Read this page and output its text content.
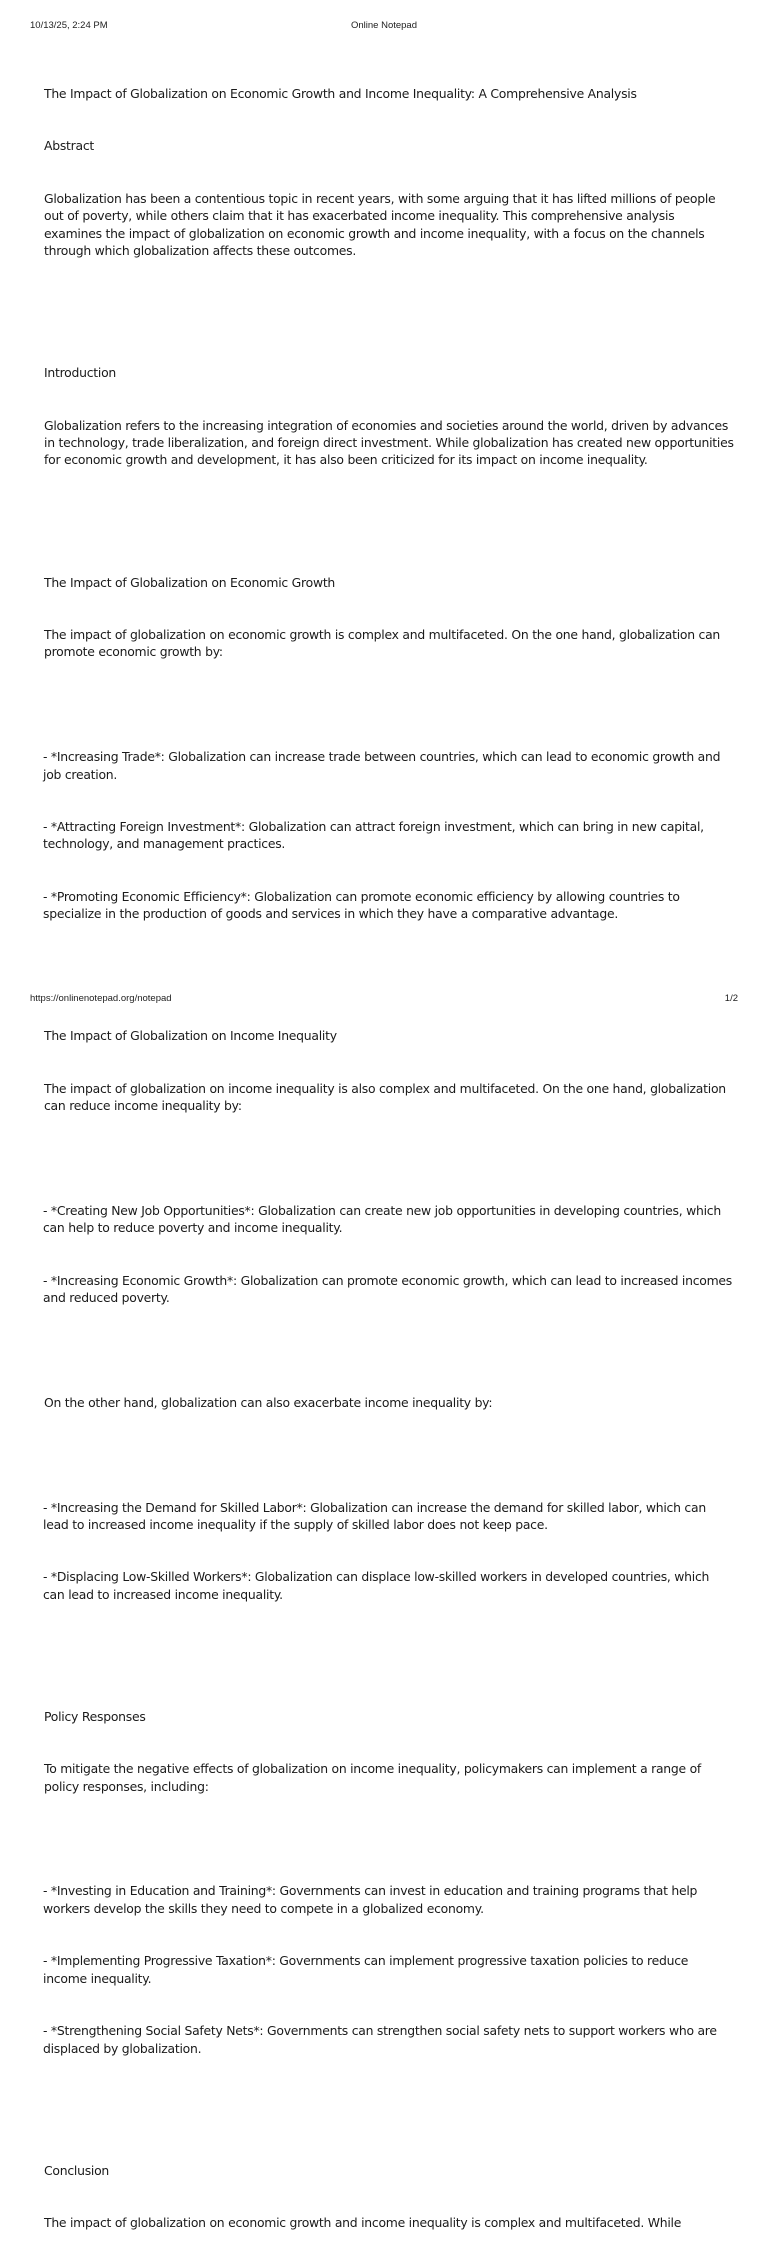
10/13/25, 2:24 PM	Online Notepad

The Impact of Globalization on Economic Growth and Income Inequality: A Comprehensive Analysis

Abstract

Globalization has been a contentious topic in recent years, with some arguing that it has lifted millions of people out of poverty, while others claim that it has exacerbated income inequality. This comprehensive analysis examines the impact of globalization on economic growth and income inequality, with a focus on the channels through which globalization affects these outcomes.

Introduction

Globalization refers to the increasing integration of economies and societies around the world, driven by advances in technology, trade liberalization, and foreign direct investment. While globalization has created new opportunities for economic growth and development, it has also been criticized for its impact on income inequality.

The Impact of Globalization on Economic Growth

The impact of globalization on economic growth is complex and multifaceted. On the one hand, globalization can promote economic growth by:

- *Increasing Trade*: Globalization can increase trade between countries, which can lead to economic growth and job creation.

- *Attracting Foreign Investment*: Globalization can attract foreign investment, which can bring in new capital, technology, and management practices.

- *Promoting Economic Efficiency*: Globalization can promote economic efficiency by allowing countries to specialize in the production of goods and services in which they have a comparative advantage.

The Impact of Globalization on Income Inequality

The impact of globalization on income inequality is also complex and multifaceted. On the one hand, globalization can reduce income inequality by:

- *Creating New Job Opportunities*: Globalization can create new job opportunities in developing countries, which can help to reduce poverty and income inequality.

- *Increasing Economic Growth*: Globalization can promote economic growth, which can lead to increased incomes and reduced poverty.

On the other hand, globalization can also exacerbate income inequality by:

- *Increasing the Demand for Skilled Labor*: Globalization can increase the demand for skilled labor, which can lead to increased income inequality if the supply of skilled labor does not keep pace.

- *Displacing Low-Skilled Workers*: Globalization can displace low-skilled workers in developed countries, which can lead to increased income inequality.

Policy Responses

To mitigate the negative effects of globalization on income inequality, policymakers can implement a range of policy responses, including:

- *Investing in Education and Training*: Governments can invest in education and training programs that help workers develop the skills they need to compete in a globalized economy.

- *Implementing Progressive Taxation*: Governments can implement progressive taxation policies to reduce income inequality.

- *Strengthening Social Safety Nets*: Governments can strengthen social safety nets to support workers who are displaced by globalization.

Conclusion

The impact of globalization on economic growth and income inequality is complex and multifaceted. While

https://onlinenotepad.org/notepad	1/2
